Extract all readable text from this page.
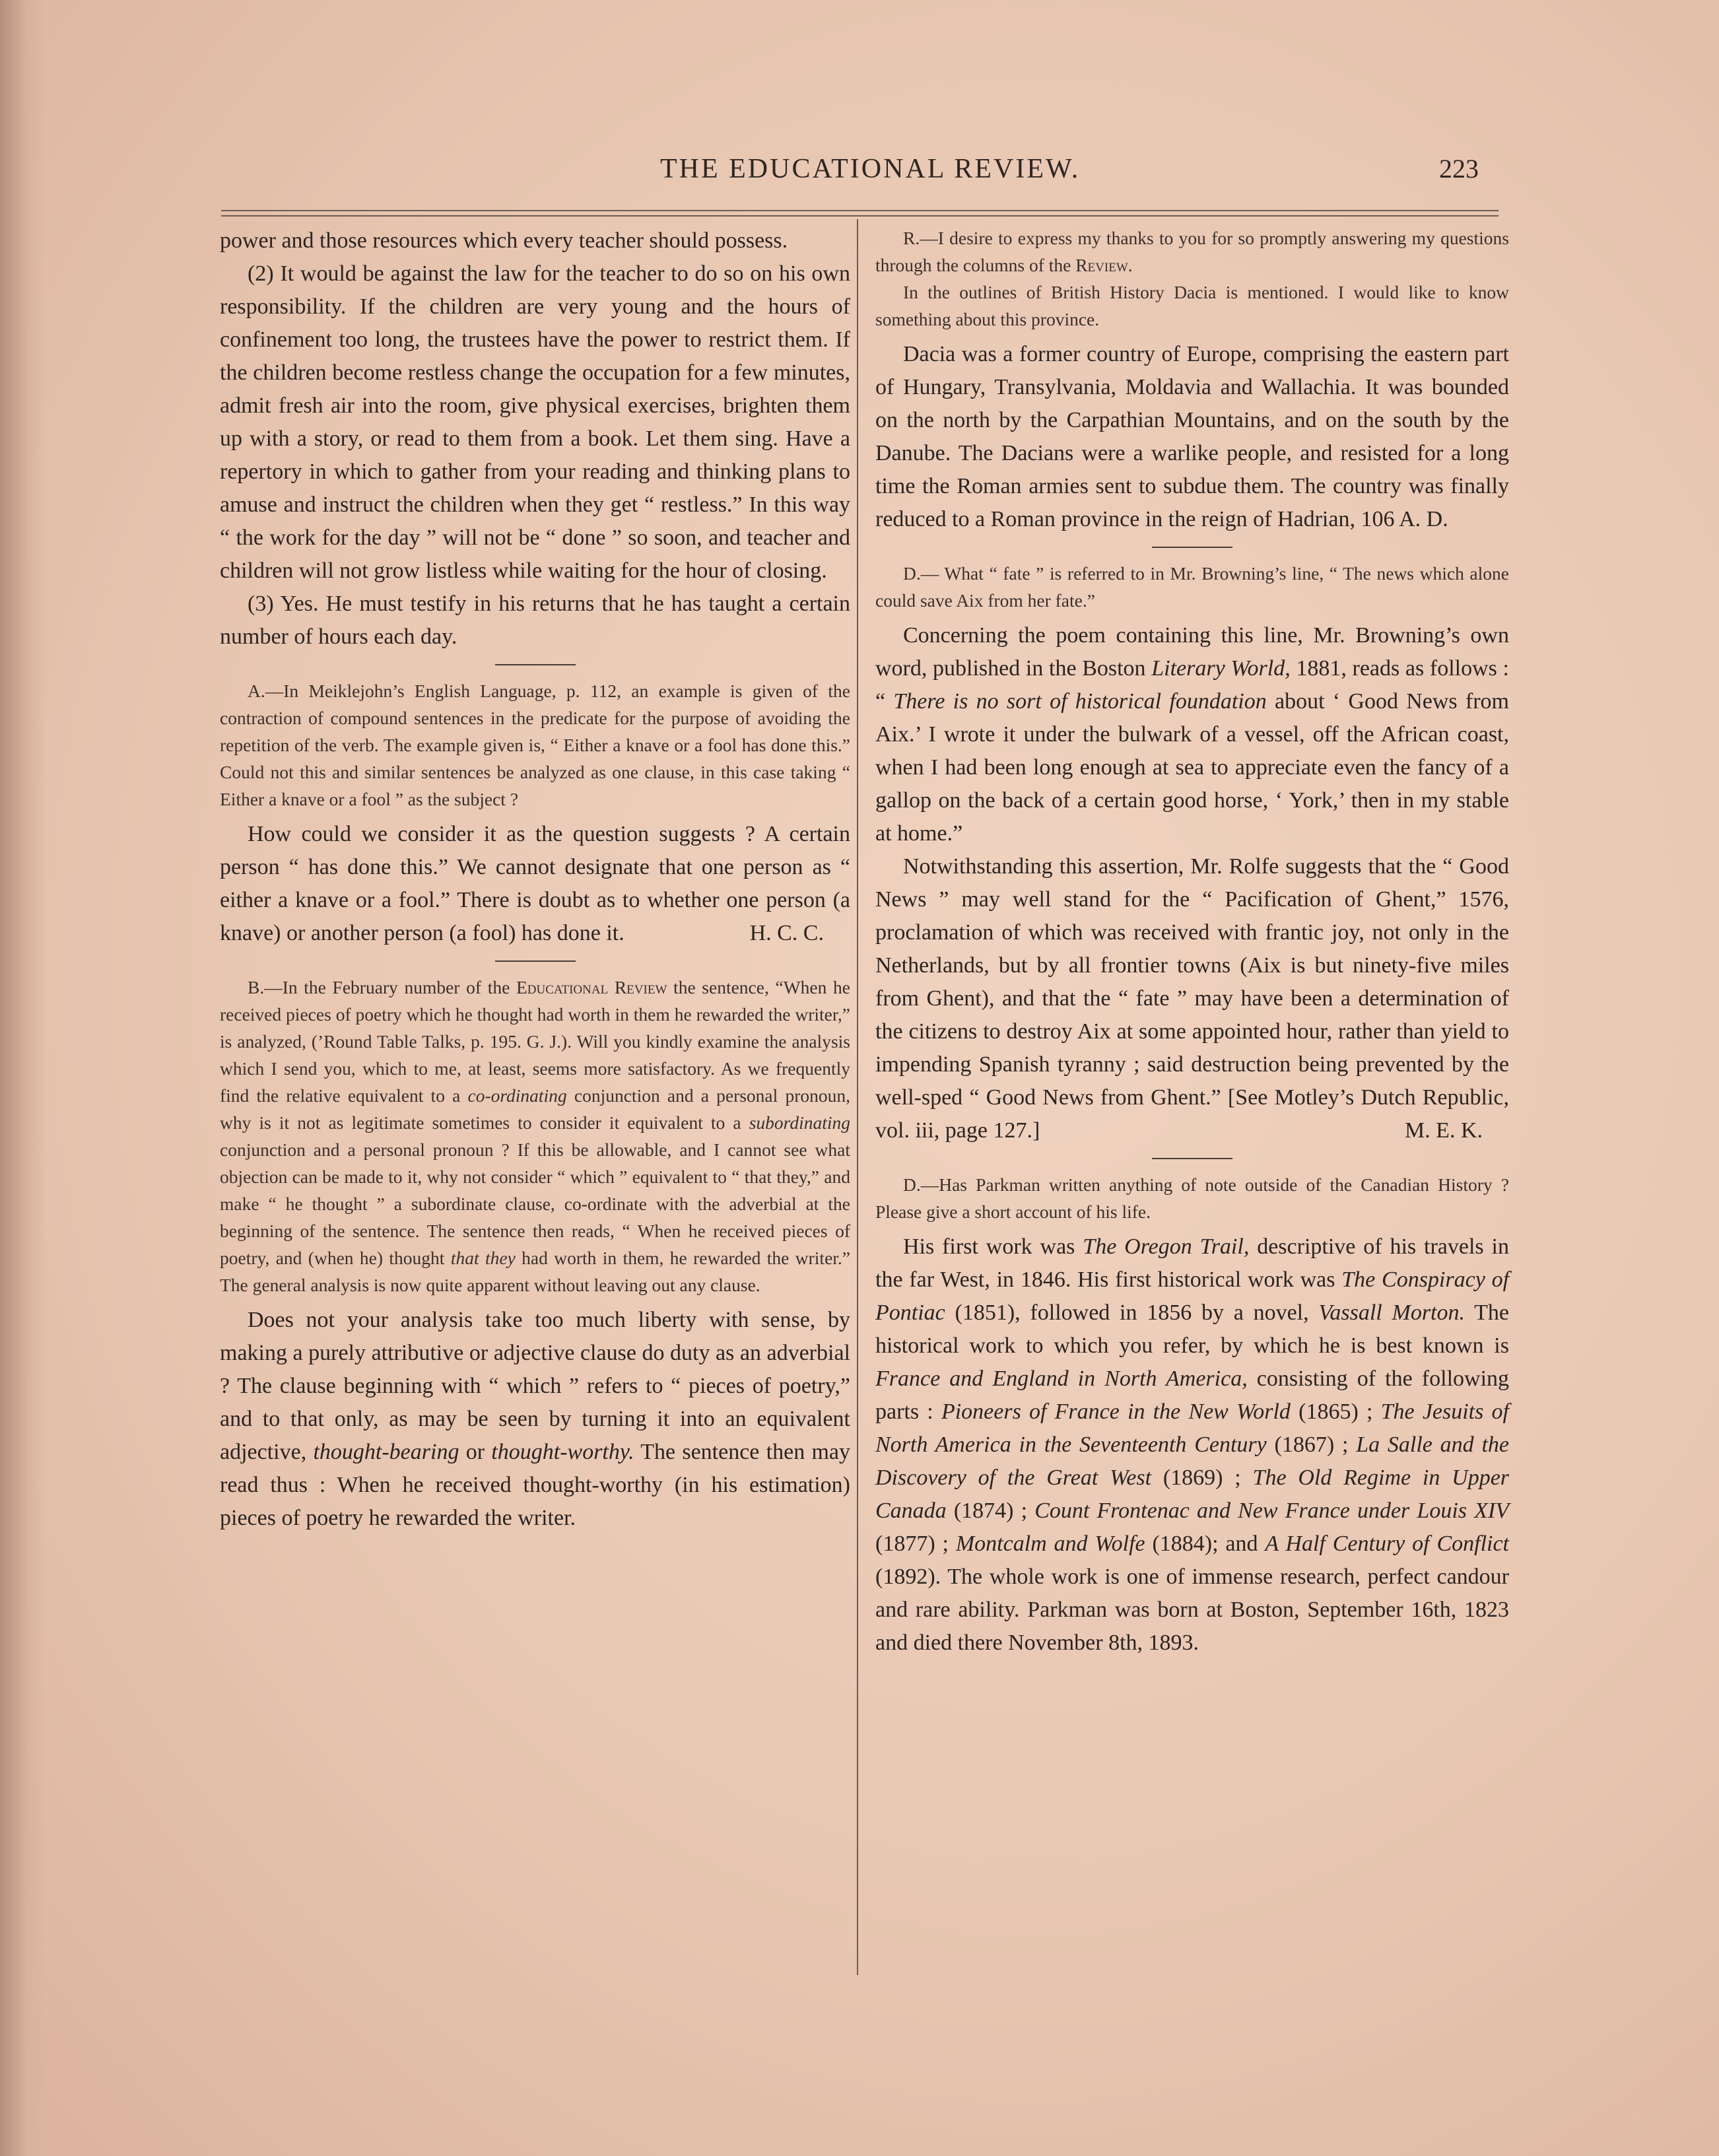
THE EDUCATIONAL REVIEW.	223

power and those resources which every teacher should possess.

(2) It would be against the law for the teacher to do so on his own responsibility. If the children are very young and the hours of confinement too long, the trustees have the power to restrict them. If the children become restless change the occupation for a few minutes, admit fresh air into the room, give physical exercises, brighten them up with a story, or read to them from a book. Let them sing. Have a repertory in which to gather from your reading and thinking plans to amuse and instruct the children when they get “ restless.” In this way “ the work for the day ” will not be “ done ” so soon, and teacher and children will not grow listless while waiting for the hour of closing.

(3) Yes. He must testify in his returns that he has taught a certain number of hours each day.

A.—In Meiklejohn’s English Language, p. 112, an example is given of the contraction of compound sentences in the predicate for the purpose of avoiding the repetition of the verb. The example given is, “ Either a knave or a fool has done this.” Could not this and similar sentences be analyzed as one clause, in this case taking “ Either a knave or a fool ” as the subject ?

How could we consider it as the question suggests ? A certain person “ has done this.” We cannot designate that one person as “ either a knave or a fool.” There is doubt as to whether one person (a knave) or another person (a fool) has done it.	H. C. C.

B.—In the February number of the Educational Review the sentence, “When he received pieces of poetry which he thought had worth in them he rewarded the writer,” is analyzed, (’Round Table Talks, p. 195. G. J.). Will you kindly examine the analysis which I send you, which to me, at least, seems more satisfactory. As we frequently find the relative equivalent to a co-ordinating conjunction and a personal pronoun, why is it not as legitimate sometimes to consider it equivalent to a subordinating conjunction and a personal pronoun ? If this be allowable, and I cannot see what objection can be made to it, why not consider “ which ” equivalent to “ that they,” and make “ he thought ” a subordinate clause, co-ordinate with the adverbial at the beginning of the sentence. The sentence then reads, “ When he received pieces of poetry, and (when he) thought that they had worth in them, he rewarded the writer.” The general analysis is now quite apparent without leaving out any clause.

Does not your analysis take too much liberty with sense, by making a purely attributive or adjective clause do duty as an adverbial ? The clause beginning with “ which ” refers to “ pieces of poetry,” and to that only, as may be seen by turning it into an equivalent adjective, thought-bearing or thought-worthy. The sentence then may read thus : When he received thought-worthy (in his estimation) pieces of poetry he rewarded the writer.

R.—I desire to express my thanks to you for so promptly answering my questions through the columns of the Review.

In the outlines of British History Dacia is mentioned. I would like to know something about this province.

Dacia was a former country of Europe, comprising the eastern part of Hungary, Transylvania, Moldavia and Wallachia. It was bounded on the north by the Carpathian Mountains, and on the south by the Danube. The Dacians were a warlike people, and resisted for a long time the Roman armies sent to subdue them. The country was finally reduced to a Roman province in the reign of Hadrian, 106 A. D.

D.— What “ fate ” is referred to in Mr. Browning’s line, “ The news which alone could save Aix from her fate.”

Concerning the poem containing this line, Mr. Browning’s own word, published in the Boston Literary World, 1881, reads as follows : “ There is no sort of historical foundation about ‘ Good News from Aix.’ I wrote it under the bulwark of a vessel, off the African coast, when I had been long enough at sea to appreciate even the fancy of a gallop on the back of a certain good horse, ‘ York,’ then in my stable at home.”

Notwithstanding this assertion, Mr. Rolfe suggests that the “ Good News ” may well stand for the “ Pacification of Ghent,” 1576, proclamation of which was received with frantic joy, not only in the Netherlands, but by all frontier towns (Aix is but ninety-five miles from Ghent), and that the “ fate ” may have been a determination of the citizens to destroy Aix at some appointed hour, rather than yield to impending Spanish tyranny ; said destruction being prevented by the well-sped “ Good News from Ghent.” [See Motley’s Dutch Republic, vol. iii, page 127.]	M. E. K.

D.—Has Parkman written anything of note outside of the Canadian History ? Please give a short account of his life.

His first work was The Oregon Trail, descriptive of his travels in the far West, in 1846. His first historical work was The Conspiracy of Pontiac (1851), followed in 1856 by a novel, Vassall Morton. The historical work to which you refer, by which he is best known is France and England in North America, consisting of the following parts : Pioneers of France in the New World (1865) ; The Jesuits of North America in the Seventeenth Century (1867) ; La Salle and the Discovery of the Great West (1869) ; The Old Regime in Upper Canada (1874) ; Count Frontenac and New France under Louis XIV (1877) ; Montcalm and Wolfe (1884); and A Half Century of Conflict (1892). The whole work is one of immense research, perfect candour and rare ability. Parkman was born at Boston, September 16th, 1823 and died there November 8th, 1893.
